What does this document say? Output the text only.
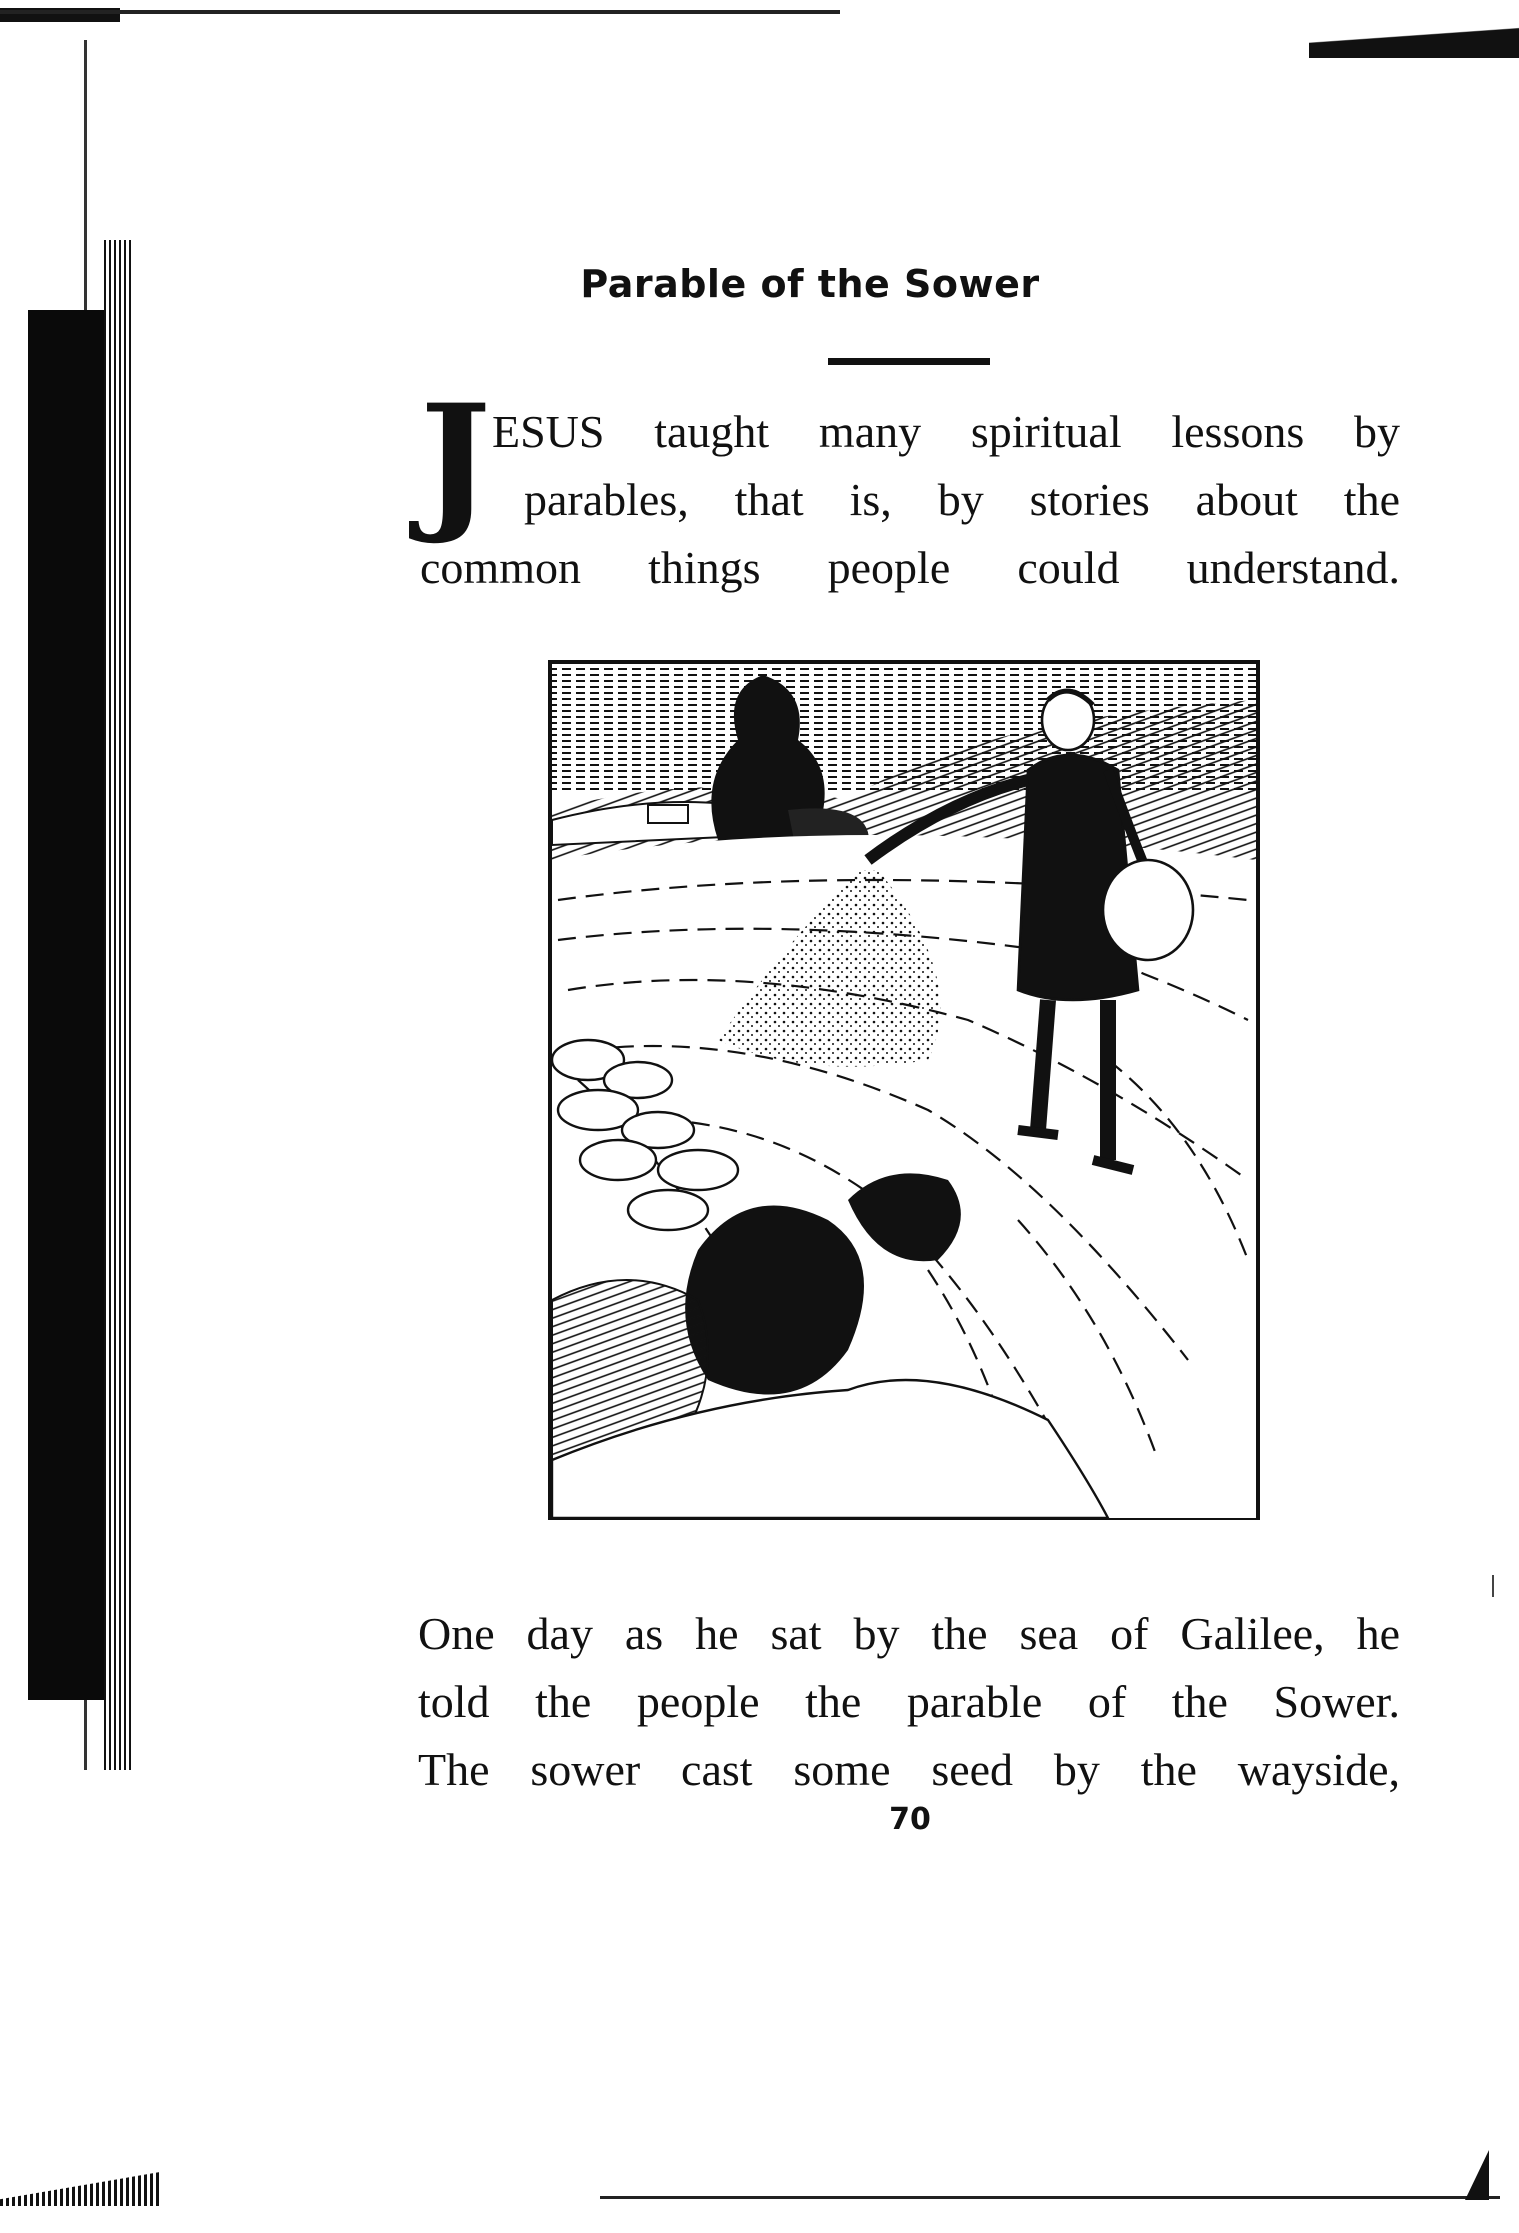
Parable of the Sower
J ESUS taught many spiritual lessons by
parables, that is, by stories about the
common things people could understand.
One day as he sat by the sea of Galilee, he
told the people the parable of the Sower.
The sower cast some seed by the wayside,
70
